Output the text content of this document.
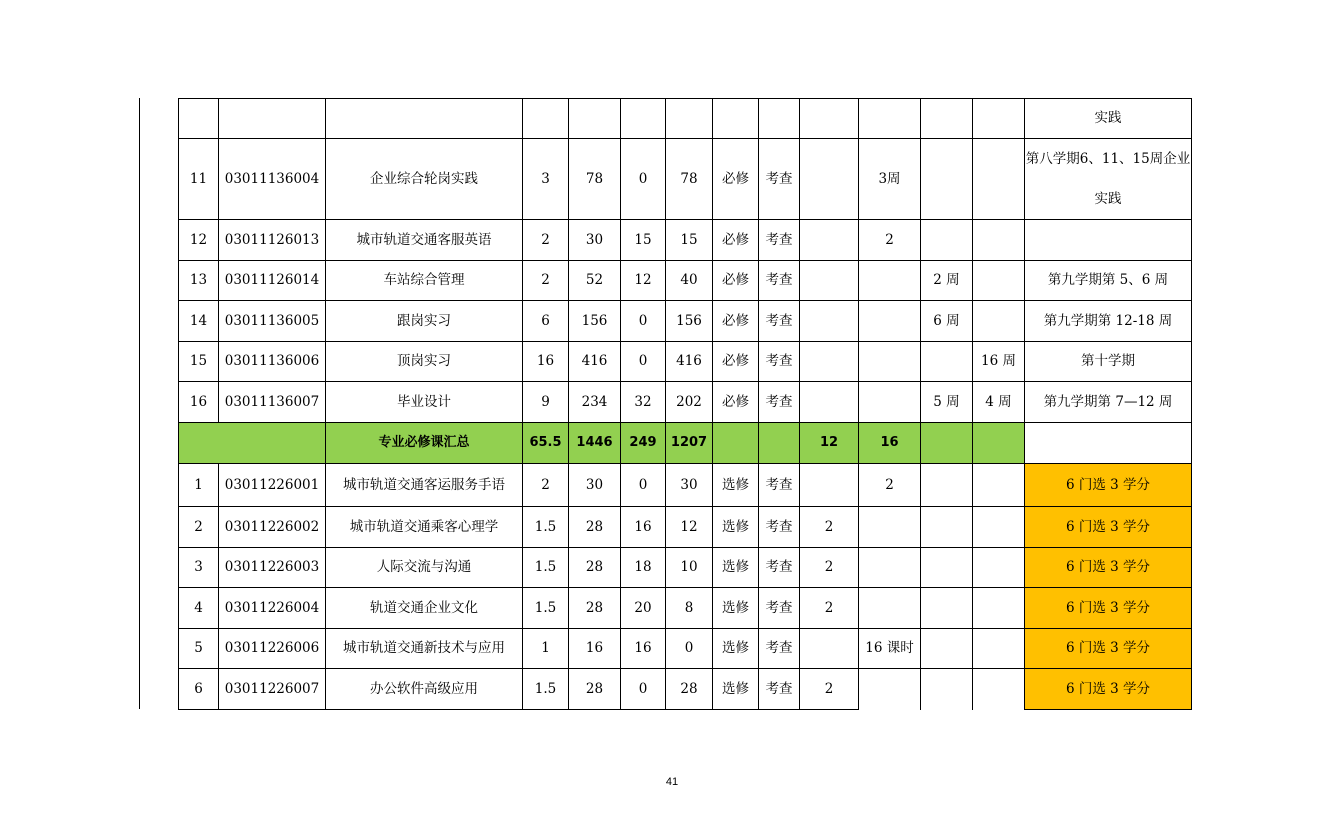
													实践
11	03011136004	企业综合轮岗实践	3	78	0	78	必修	考查		3周			第八学期6、11、15周企业实践
12	03011126013	城市轨道交通客服英语	2	30	15	15	必修	考查		2			
13	03011126014	车站综合管理	2	52	12	40	必修	考查			2 周		第九学期第 5、6 周
14	03011136005	跟岗实习	6	156	0	156	必修	考查			6 周		第九学期第 12-18 周
15	03011136006	顶岗实习	16	416	0	416	必修	考查				16 周	第十学期
16	03011136007	毕业设计	9	234	32	202	必修	考查			5 周	4 周	第九学期第 7—12 周
		专业必修课汇总	65.5	1446	249	1207			12	16			
1	03011226001	城市轨道交通客运服务手语	2	30	0	30	选修	考查		2			6 门选 3 学分
2	03011226002	城市轨道交通乘客心理学	1.5	28	16	12	选修	考查	2				6 门选 3 学分
3	03011226003	人际交流与沟通	1.5	28	18	10	选修	考查	2				6 门选 3 学分
4	03011226004	轨道交通企业文化	1.5	28	20	8	选修	考查	2				6 门选 3 学分
5	03011226006	城市轨道交通新技术与应用	1	16	16	0	选修	考查		16 课时			6 门选 3 学分
6	03011226007	办公软件高级应用	1.5	28	0	28	选修	考查	2				6 门选 3 学分
41
